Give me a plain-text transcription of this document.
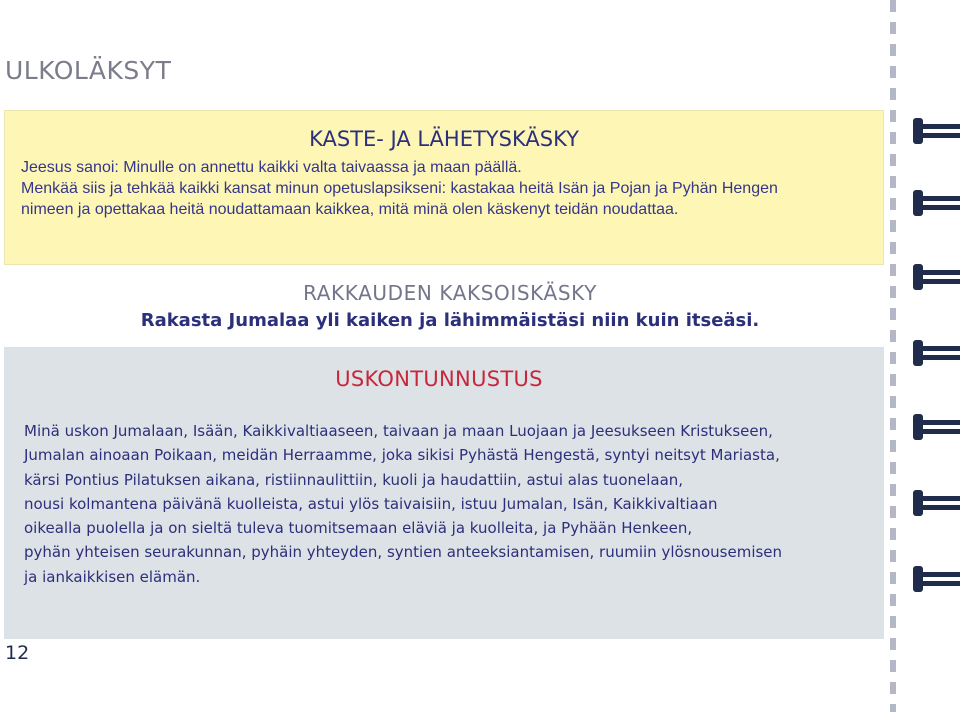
ULKOLÄKSYT
KASTE- JA LÄHETYSKÄSKY
Jeesus sanoi: Minulle on annettu kaikki valta taivaassa ja maan päällä.
Menkää siis ja tehkää kaikki kansat minun opetuslapsikseni: kastakaa heitä Isän ja Pojan ja Pyhän Hengen
nimeen ja opettakaa heitä noudattamaan kaikkea, mitä minä olen käskenyt teidän noudattaa.
RAKKAUDEN KAKSOISKÄSKY
Rakasta Jumalaa yli kaiken ja lähimmäistäsi niin kuin itseäsi.
USKONTUNNUSTUS
Minä uskon Jumalaan, Isään, Kaikkivaltiaaseen, taivaan ja maan Luojaan ja Jeesukseen Kristukseen,
Jumalan ainoaan Poikaan, meidän Herraamme, joka sikisi Pyhästä Hengestä, syntyi neitsyt Mariasta,
kärsi Pontius Pilatuksen aikana, ristiinnaulittiin, kuoli ja haudattiin, astui alas tuonelaan,
nousi kolmantena päivänä kuolleista, astui ylös taivaisiin, istuu Jumalan, Isän, Kaikkivaltiaan
oikealla puolella ja on sieltä tuleva tuomitsemaan eläviä ja kuolleita, ja Pyhään Henkeen,
pyhän yhteisen seurakunnan, pyhäin yhteyden, syntien anteeksiantamisen, ruumiin ylösnousemisen
ja iankaikkisen elämän.
12
